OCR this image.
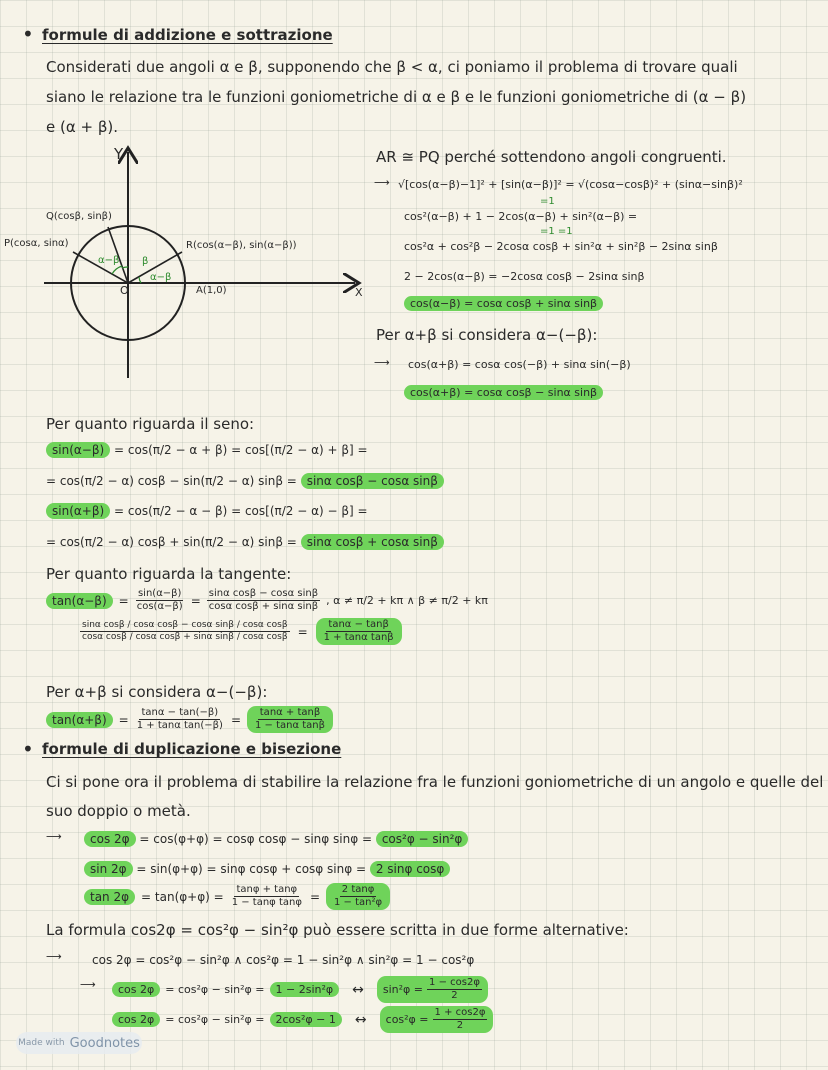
• formule di addizione e sottrazione
Considerati due angoli α e β, supponendo che β < α, ci poniamo il problema di trovare quali
siano le relazione tra le funzioni goniometriche di α e β e le funzioni goniometriche di (α − β)
e (α + β).
Y
X
O
Q(cosβ, sinβ)
P(cosα, sinα)	R(cos(α−β), sin(α−β))
A(1,0)
α−β β
α−β
AR ≅ PQ perché sottendono angoli congruenti.
⟶ √[cos(α−β)−1]² + [sin(α−β)]² = √(cosα−cosβ)² + (sinα−sinβ)²
=1
cos²(α−β) + 1 − 2cos(α−β) + sin²(α−β) =
=1 =1
cos²α + cos²β − 2cosα cosβ + sin²α + sin²β − 2sinα sinβ
2 − 2cos(α−β) = −2cosα cosβ − 2sinα sinβ
cos(α−β) = cosα cosβ + sinα sinβ
Per α+β si considera α−(−β):
⟶ cos(α+β) = cosα cos(−β) + sinα sin(−β)
cos(α+β) = cosα cosβ − sinα sinβ
Per quanto riguarda il seno:
sin(α−β) = cos(π/2 − α + β) = cos[(π/2 − α) + β] =
= cos(π/2 − α) cosβ − sin(π/2 − α) sinβ = sinα cosβ − cosα sinβ
sin(α+β) = cos(π/2 − α − β) = cos[(π/2 − α) − β] =
= cos(π/2 − α) cosβ + sin(π/2 − α) sinβ = sinα cosβ + cosα sinβ
Per quanto riguarda la tangente:
tan(α−β)	= $\frac{\sin(\alpha-\beta)}{\cos(\alpha-\beta)} = \frac{\text{sinα cosβ − cosα sinβ}}{\text{cosα cosβ + sinα sinβ}}$ , α ≠ π/2 + kπ ∧ β ≠ π/2 + kπ
$\frac{\text{sinα cosβ / cosα cosβ − cosα sinβ / cosα cosβ}}{\text{cosα cosβ / cosα cosβ + sinα sinβ / cosα cosβ}} = \frac{\tan\alpha - \tan\beta}{\text{1 + tanα tanβ}}$
Per α+β si considera α−(−β):
tan(α+β)	= $\frac{\tan\alpha - \tan(-\beta)}{\text{1 + tanα tan(−β)}} = \frac{\tan\alpha + \tan\beta}{\text{1 − tanα tanβ}}$
• formule di duplicazione e bisezione
Ci si pone ora il problema di stabilire la relazione fra le funzioni goniometriche di un angolo e quelle del
suo doppio o metà.
⟶	cos 2φ = cos(φ+φ) = cosφ cosφ − sinφ sinφ = cos²φ − sin²φ
sin 2φ = sin(φ+φ) = sinφ cosφ + cosφ sinφ = 2 sinφ cosφ
tan 2φ	= $\tan(\varphi+\varphi) = \frac{\tan\varphi + \tan\varphi}{\text{1 − tanφ tanφ}} = \frac{2 \tan\varphi}{\text{1 − tan²φ}}$
La formula cos2φ = cos²φ − sin²φ può essere scritta in due forme alternative:
⟶	cos 2φ = cos²φ − sin²φ ∧ cos²φ = 1 − sin²φ ∧ sin²φ = 1 − cos²φ
⟶	cos 2φ	= cos²φ − sin²φ =	1 − 2sin²φ	↔ $\sin^2\varphi = \frac{1 - \cos 2\varphi}{2}$
cos 2φ	= cos²φ − sin²φ =	2cos²φ − 1	↔ $\cos^2\varphi = \frac{1 + \cos 2\varphi}{2}$
Made with Goodnotes
